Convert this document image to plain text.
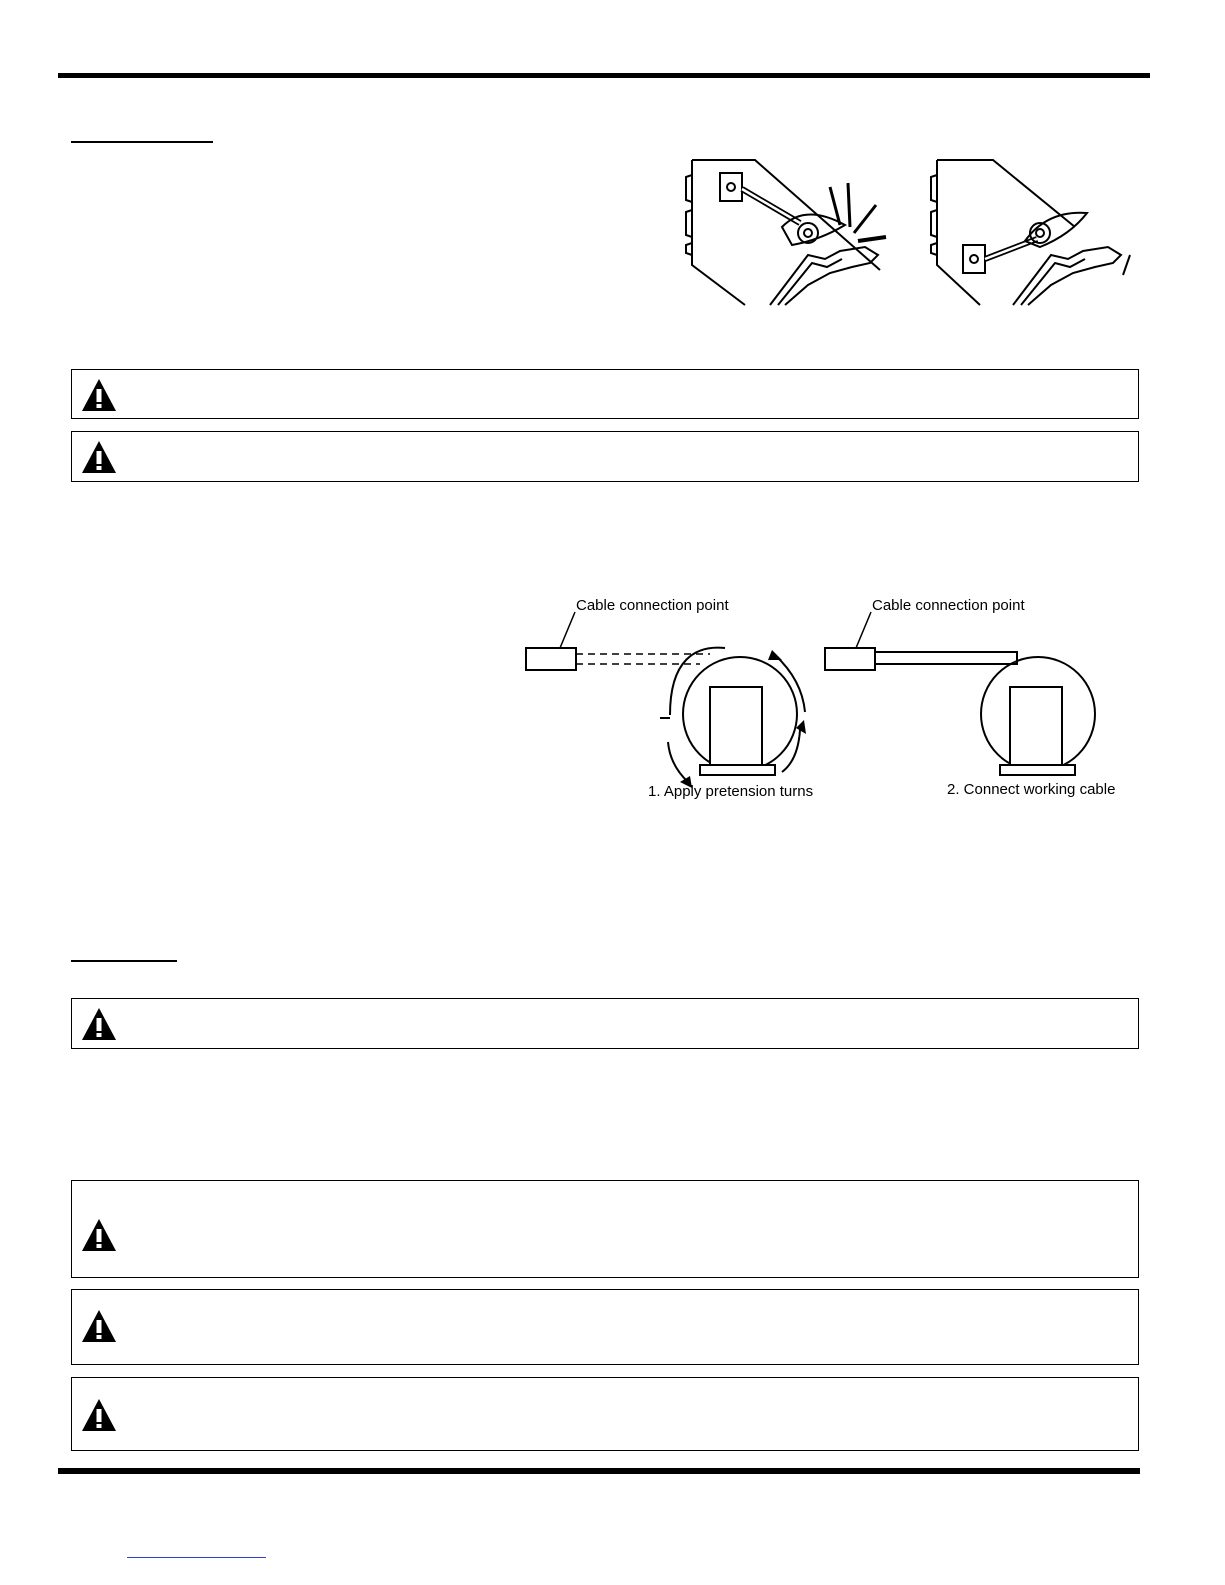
Cable connection point
1. Apply pretension turns
Cable connection point
2. Connect working cable
